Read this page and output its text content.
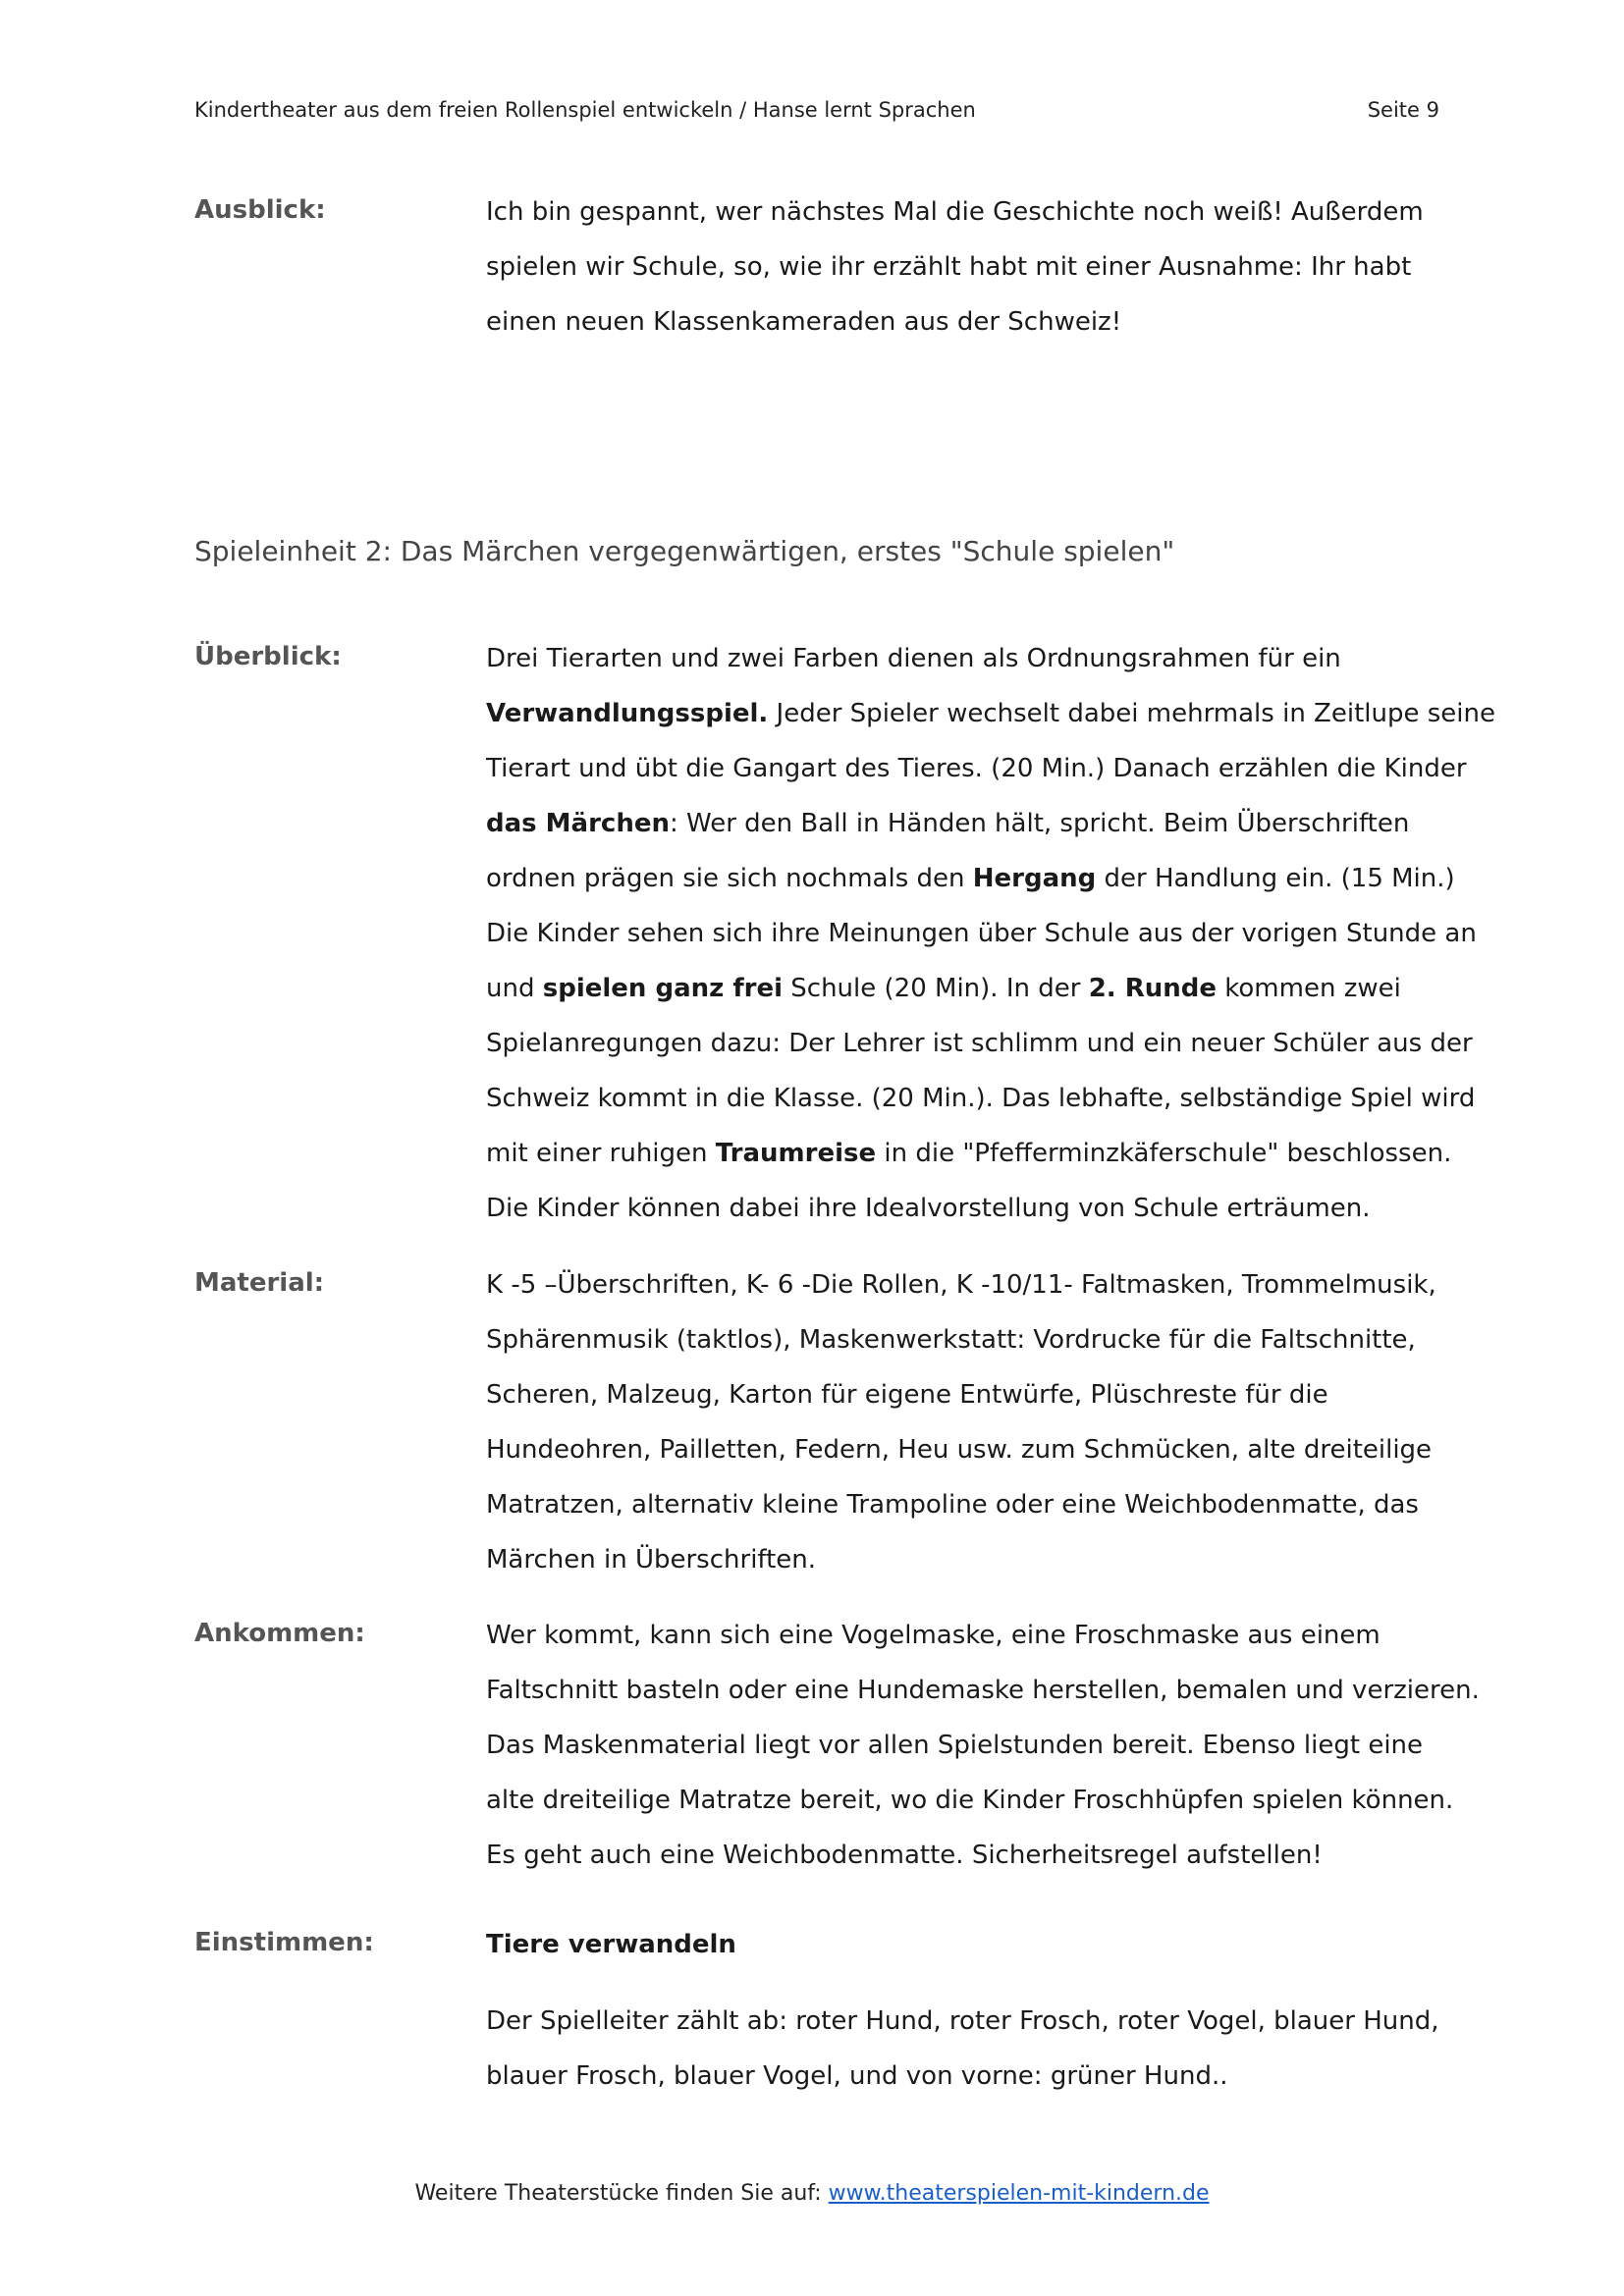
Kindertheater aus dem freien Rollenspiel entwickeln / Hanse lernt Sprachen	Seite 9
Ausblick:	Ich bin gespannt, wer nächstes Mal die Geschichte noch weiß! Außerdem
spielen wir Schule, so, wie ihr erzählt habt mit einer Ausnahme: Ihr habt
einen neuen Klassenkameraden aus der Schweiz!
Spieleinheit 2: Das Märchen vergegenwärtigen, erstes "Schule spielen"
Überblick:	Drei Tierarten und zwei Farben dienen als Ordnungsrahmen für ein
Verwandlungsspiel. Jeder Spieler wechselt dabei mehrmals in Zeitlupe seine
Tierart und übt die Gangart des Tieres. (20 Min.) Danach erzählen die Kinder
das Märchen: Wer den Ball in Händen hält, spricht. Beim Überschriften
ordnen prägen sie sich nochmals den Hergang der Handlung ein. (15 Min.)
Die Kinder sehen sich ihre Meinungen über Schule aus der vorigen Stunde an
und spielen ganz frei Schule (20 Min). In der 2. Runde kommen zwei
Spielanregungen dazu: Der Lehrer ist schlimm und ein neuer Schüler aus der
Schweiz kommt in die Klasse. (20 Min.). Das lebhafte, selbständige Spiel wird
mit einer ruhigen Traumreise in die "Pfefferminzkäferschule" beschlossen.
Die Kinder können dabei ihre Idealvorstellung von Schule erträumen.
Material:	K -5 –Überschriften, K- 6 -Die Rollen, K -10/11- Faltmasken, Trommelmusik,
Sphärenmusik (taktlos), Maskenwerkstatt: Vordrucke für die Faltschnitte,
Scheren, Malzeug, Karton für eigene Entwürfe, Plüschreste für die
Hundeohren, Pailletten, Federn, Heu usw. zum Schmücken, alte dreiteilige
Matratzen, alternativ kleine Trampoline oder eine Weichbodenmatte, das
Märchen in Überschriften.
Ankommen:	Wer kommt, kann sich eine Vogelmaske, eine Froschmaske aus einem
Faltschnitt basteln oder eine Hundemaske herstellen, bemalen und verzieren.
Das Maskenmaterial liegt vor allen Spielstunden bereit. Ebenso liegt eine
alte dreiteilige Matratze bereit, wo die Kinder Froschhüpfen spielen können.
Es geht auch eine Weichbodenmatte. Sicherheitsregel aufstellen!
Einstimmen:	Tiere verwandeln
Der Spielleiter zählt ab: roter Hund, roter Frosch, roter Vogel, blauer Hund,
blauer Frosch, blauer Vogel, und von vorne: grüner Hund..
Weitere Theaterstücke finden Sie auf: www.theaterspielen-mit-kindern.de
